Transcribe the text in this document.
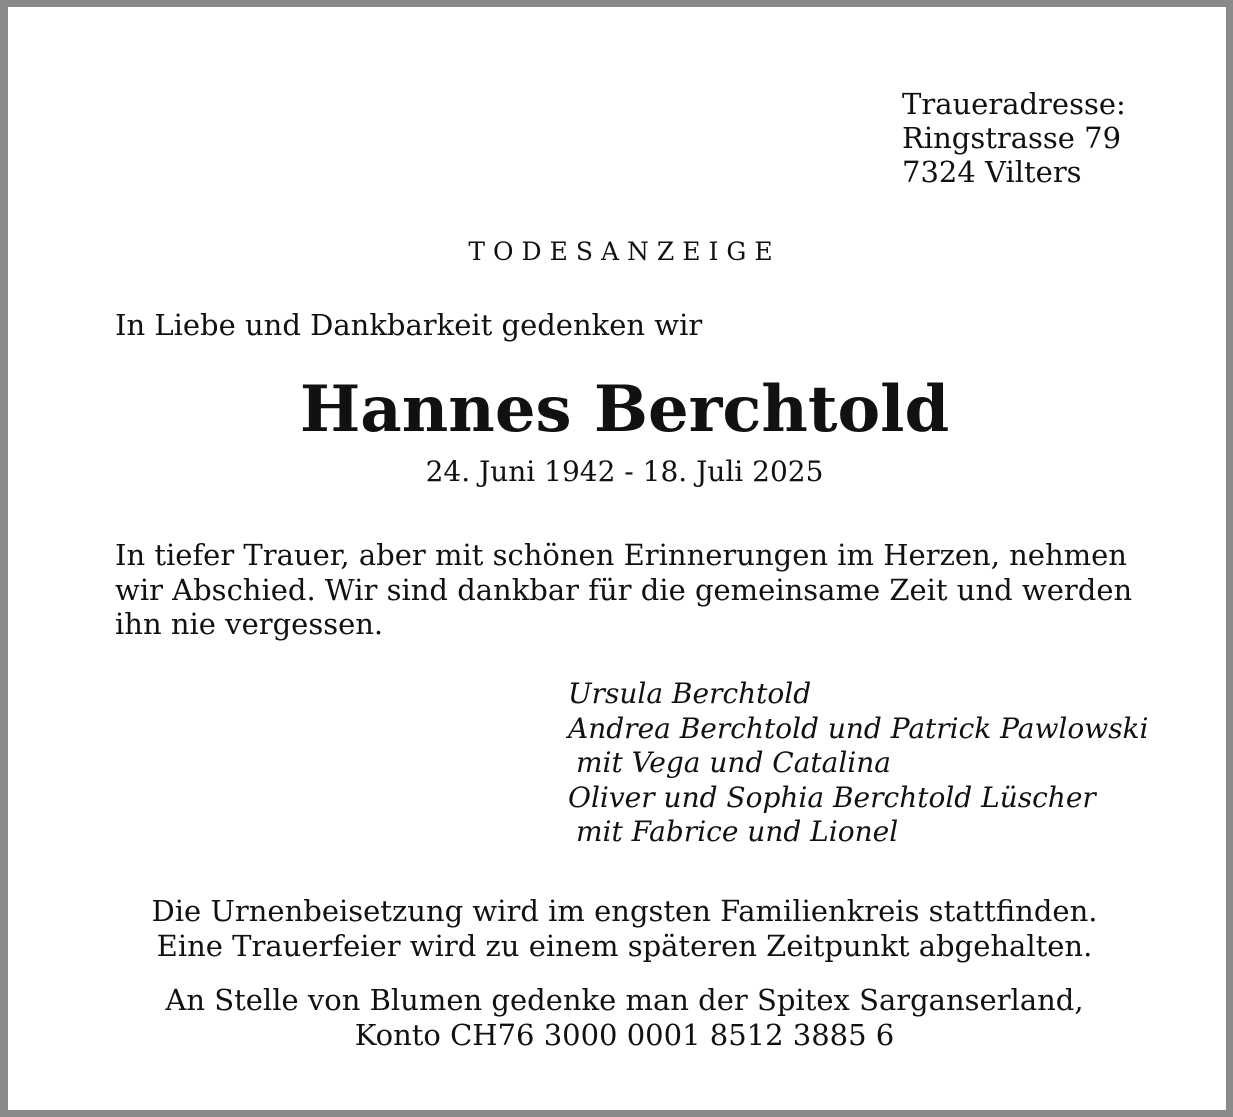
Traueradresse:
Ringstrasse 79
7324 Vilters
TODESANZEIGE
In Liebe und Dankbarkeit gedenken wir
Hannes Berchtold
24. Juni 1942 - 18. Juli 2025
In tiefer Trauer, aber mit schönen Erinnerungen im Herzen, nehmen wir Abschied. Wir sind dankbar für die gemeinsame Zeit und werden ihn nie vergessen.
Ursula Berchtold
Andrea Berchtold und Patrick Pawlowski
mit Vega und Catalina
Oliver und Sophia Berchtold Lüscher
mit Fabrice und Lionel
Die Urnenbeisetzung wird im engsten Familienkreis stattfinden.
Eine Trauerfeier wird zu einem späteren Zeitpunkt abgehalten.
An Stelle von Blumen gedenke man der Spitex Sarganserland,
Konto CH76 3000 0001 8512 3885 6
